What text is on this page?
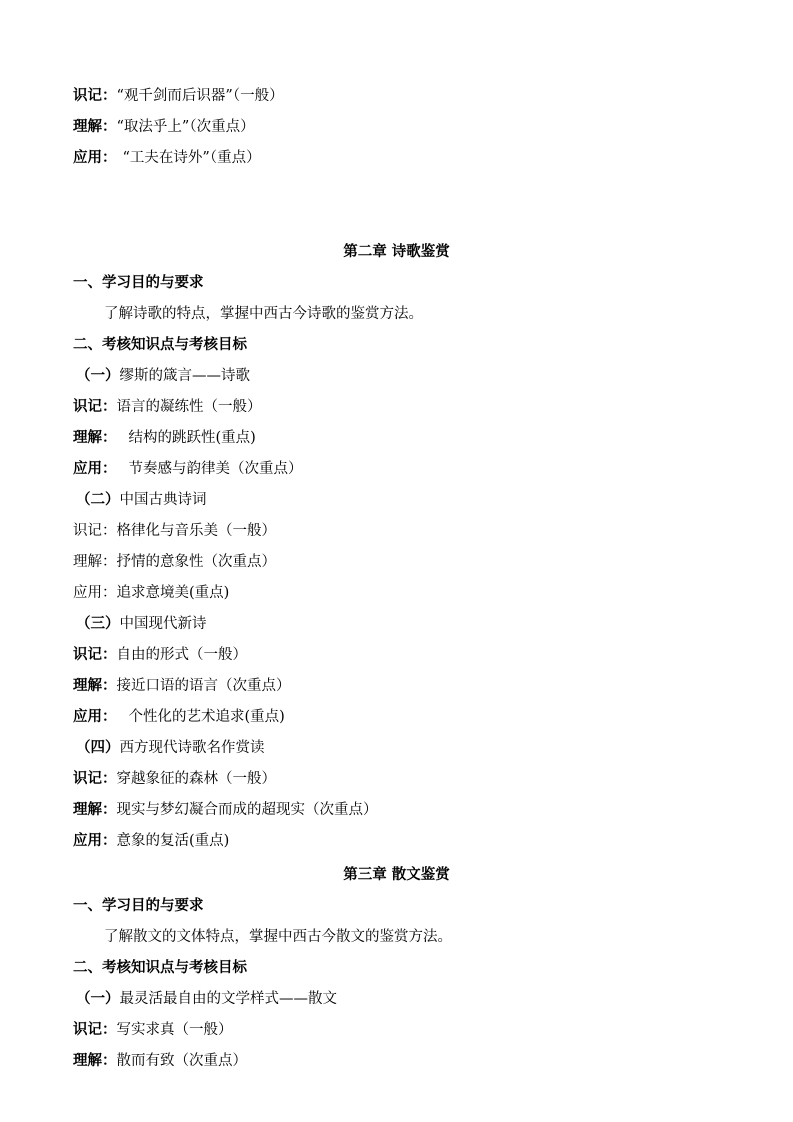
识记：“观千剑而后识器”（一般）
理解：“取法乎上”（次重点）
应用： “工夫在诗外”（重点）
第二章 诗歌鉴赏
一、学习目的与要求
了解诗歌的特点，掌握中西古今诗歌的鉴赏方法。
二、考核知识点与考核目标
（一）缪斯的箴言——诗歌
识记：语言的凝练性（一般）
理解： 结构的跳跃性(重点)
应用： 节奏感与韵律美（次重点）
（二）中国古典诗词
识记：格律化与音乐美（一般）
理解：抒情的意象性（次重点）
应用：追求意境美(重点)
（三）中国现代新诗
识记：自由的形式（一般）
理解：接近口语的语言（次重点）
应用： 个性化的艺术追求(重点)
（四）西方现代诗歌名作赏读
识记：穿越象征的森林（一般）
理解：现实与梦幻凝合而成的超现实（次重点）
应用：意象的复活(重点)
第三章 散文鉴赏
一、学习目的与要求
了解散文的文体特点，掌握中西古今散文的鉴赏方法。
二、考核知识点与考核目标
（一）最灵活最自由的文学样式——散文
识记：写实求真（一般）
理解：散而有致（次重点）
